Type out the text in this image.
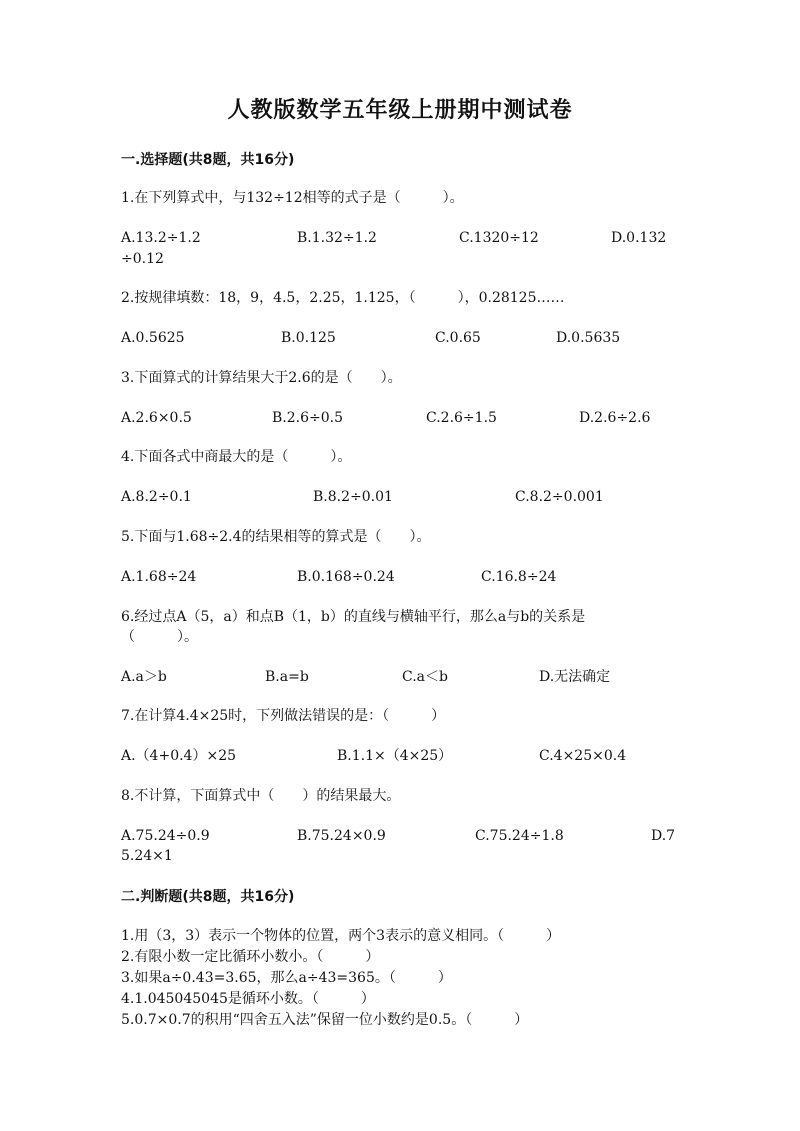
人教版数学五年级上册期中测试卷
一.选择题(共8题，共16分)
1.在下列算式中，与132÷12相等的式子是（　　　）。
A.13.2÷1.2	B.1.32÷1.2	C.1320÷12	D.0.132
÷0.12
2.按规律填数：18，9，4.5，2.25，1.125，（　　　），0.28125……
A.0.5625	B.0.125	C.0.65	D.0.5635
3.下面算式的计算结果大于2.6的是（　　）。
A.2.6×0.5	B.2.6÷0.5	C.2.6÷1.5	D.2.6÷2.6
4.下面各式中商最大的是（　　　）。
A.8.2÷0.1	B.8.2÷0.01	C.8.2÷0.001
5.下面与1.68÷2.4的结果相等的算式是（　　）。
A.1.68÷24	B.0.168÷0.24	C.16.8÷24
6.经过点A（5，a）和点B（1，b）的直线与横轴平行，那么a与b的关系是
（　　　）。
A.a＞b	B.a=b	C.a＜b	D.无法确定
7.在计算4.4×25时，下列做法错误的是：（　　　）
A.（4+0.4）×25	B.1.1×（4×25）	C.4×25×0.4
8.不计算，下面算式中（　　）的结果最大。
A.75.24÷0.9	B.75.24×0.9	C.75.24÷1.8	D.7
5.24×1
二.判断题(共8题，共16分)
1.用（3，3）表示一个物体的位置，两个3表示的意义相同。（　　　）
2.有限小数一定比循环小数小。（　　　）
3.如果a÷0.43=3.65，那么a÷43=365。（　　　）
4.1.045045045是循环小数。（　　　）
5.0.7×0.7的积用“四舍五入法”保留一位小数约是0.5。（　　　）
